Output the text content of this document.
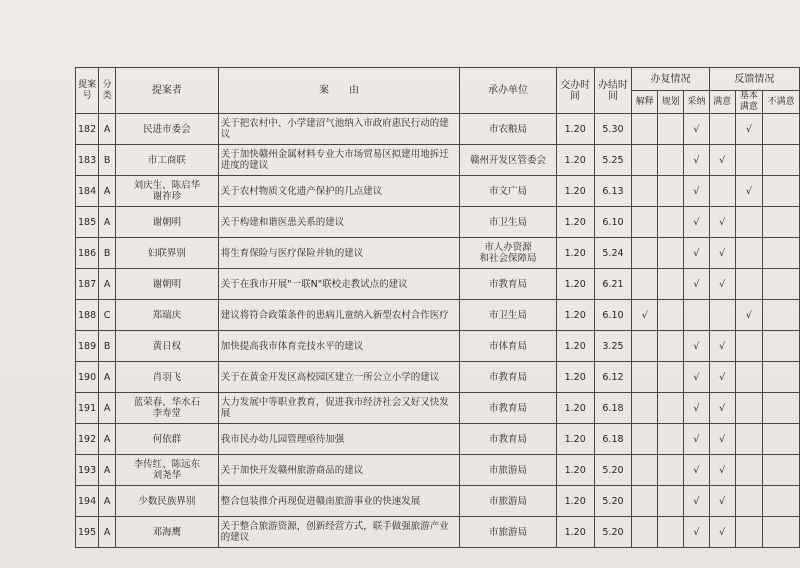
提案号	分类	提案者	案　　由	承办单位	交办时间	办结时间	办复情况			反馈情况		
							解释	规划	采纳	满意	基本满意	不满意
182	A	民进市委会	关于把农村中、小学建沼气池纳入市政府惠民行动的建议	市农粮局	1.20	5.30			√		√	
183	B	市工商联	关于加快赣州金属材料专业大市场贸易区拟建用地拆迁进度的建议	赣州开发区管委会	1.20	5.25			√	√		
184	A	刘庆生、陈启华
谢祚珍	关于农村物质文化遗产保护的几点建议	市文广局	1.20	6.13			√		√	
185	A	谢朝明	关于构建和谐医患关系的建议	市卫生局	1.20	6.10			√	√		
186	B	妇联界别	将生育保险与医疗保险并轨的建议	市人办资源
和社会保障局	1.20	5.24			√	√		
187	A	谢朝明	关于在我市开展"一联N"联校走教试点的建议	市教育局	1.20	6.21			√	√		
188	C	郑瑞庆	建议将符合政策条件的患病儿童纳入新型农村合作医疗	市卫生局	1.20	6.10	√				√	
189	B	黄日权	加快提高我市体育竞技水平的建议	市体育局	1.20	3.25			√	√		
190	A	肖羽飞	关于在黄金开发区高校园区建立一所公立小学的建议	市教育局	1.20	6.12			√	√		
191	A	蓝荣春、华水石
李寿堂	大力发展中等职业教育，促进我市经济社会又好又快发展	市教育局	1.20	6.18			√	√		
192	A	何依群	我市民办幼儿园管理亟待加强	市教育局	1.20	6.18			√	√		
193	A	李传红、陈远东
刘尧华	关于加快开发赣州旅游商品的建议	市旅游局	1.20	5.20			√	√		
194	A	少数民族界别	整合包装推介再现促进赣南旅游事业的快速发展	市旅游局	1.20	5.20			√	√		
195	A	邓海鹰	关于整合旅游资源，创新经营方式，联手做强旅游产业的建议	市旅游局	1.20	5.20			√	√		
